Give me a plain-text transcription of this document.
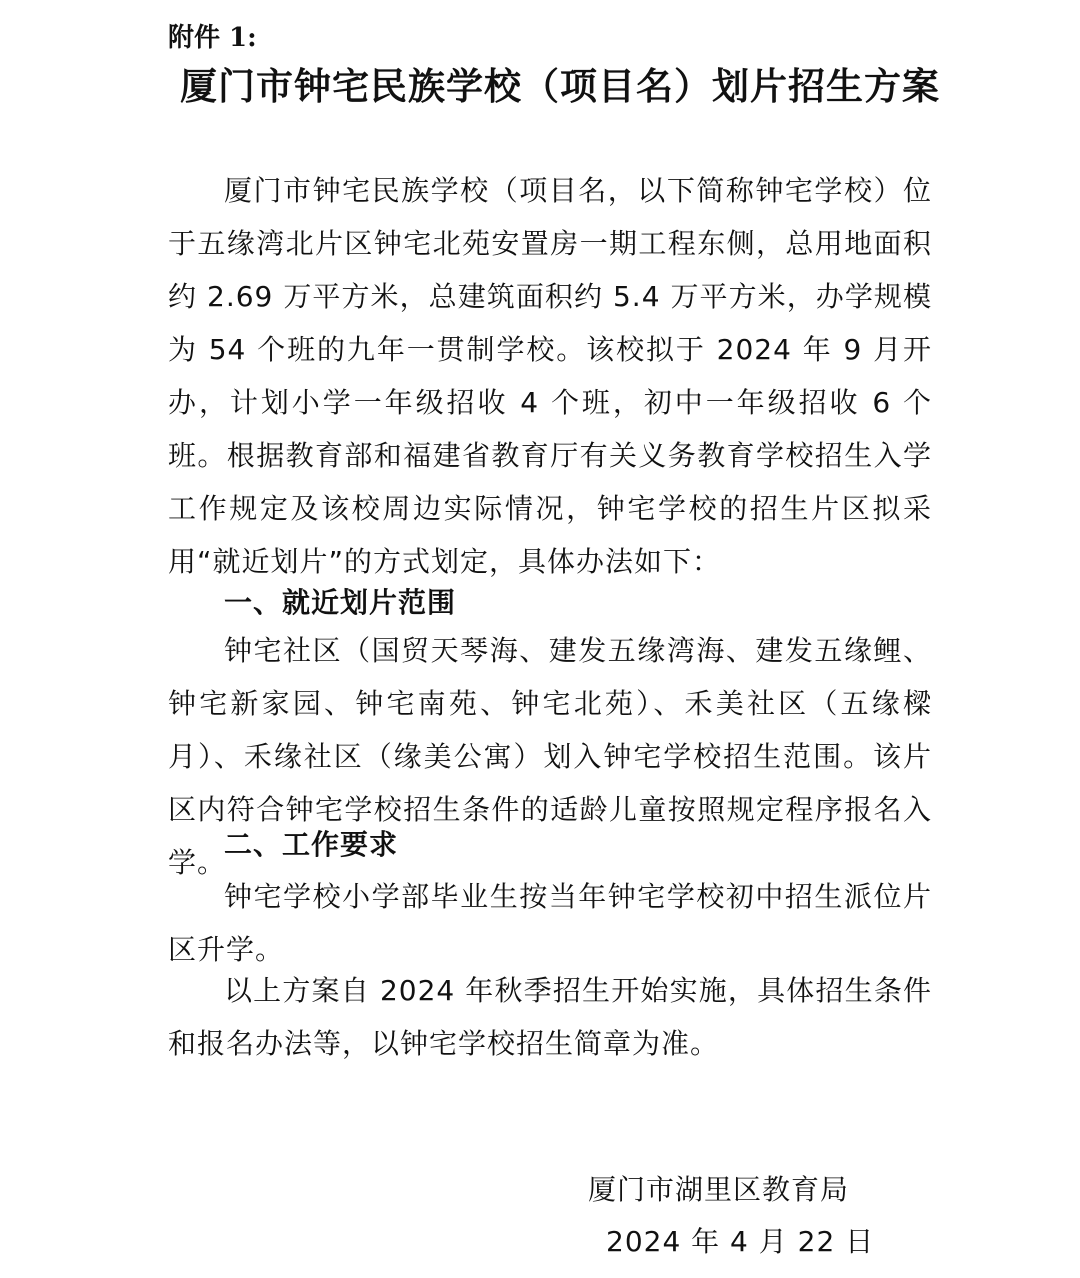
附件 1:
厦门市钟宅民族学校（项目名）划片招生方案
厦门市钟宅民族学校（项目名，以下简称钟宅学校）位于五缘湾北片区钟宅北苑安置房一期工程东侧，总用地面积约 2.69 万平方米，总建筑面积约 5.4 万平方米，办学规模为 54 个班的九年一贯制学校。该校拟于 2024 年 9 月开办，计划小学一年级招收 4 个班，初中一年级招收 6 个班。根据教育部和福建省教育厅有关义务教育学校招生入学工作规定及该校周边实际情况，钟宅学校的招生片区拟采用“就近划片”的方式划定，具体办法如下：
一、就近划片范围
钟宅社区（国贸天琴海、建发五缘湾海、建发五缘鲤、钟宅新家园、钟宅南苑、钟宅北苑）、禾美社区（五缘樑月）、禾缘社区（缘美公寓）划入钟宅学校招生范围。该片区内符合钟宅学校招生条件的适龄儿童按照规定程序报名入学。
二、工作要求
钟宅学校小学部毕业生按当年钟宅学校初中招生派位片区升学。
以上方案自 2024 年秋季招生开始实施，具体招生条件和报名办法等，以钟宅学校招生简章为准。
厦门市湖里区教育局
2024 年 4 月 22 日
